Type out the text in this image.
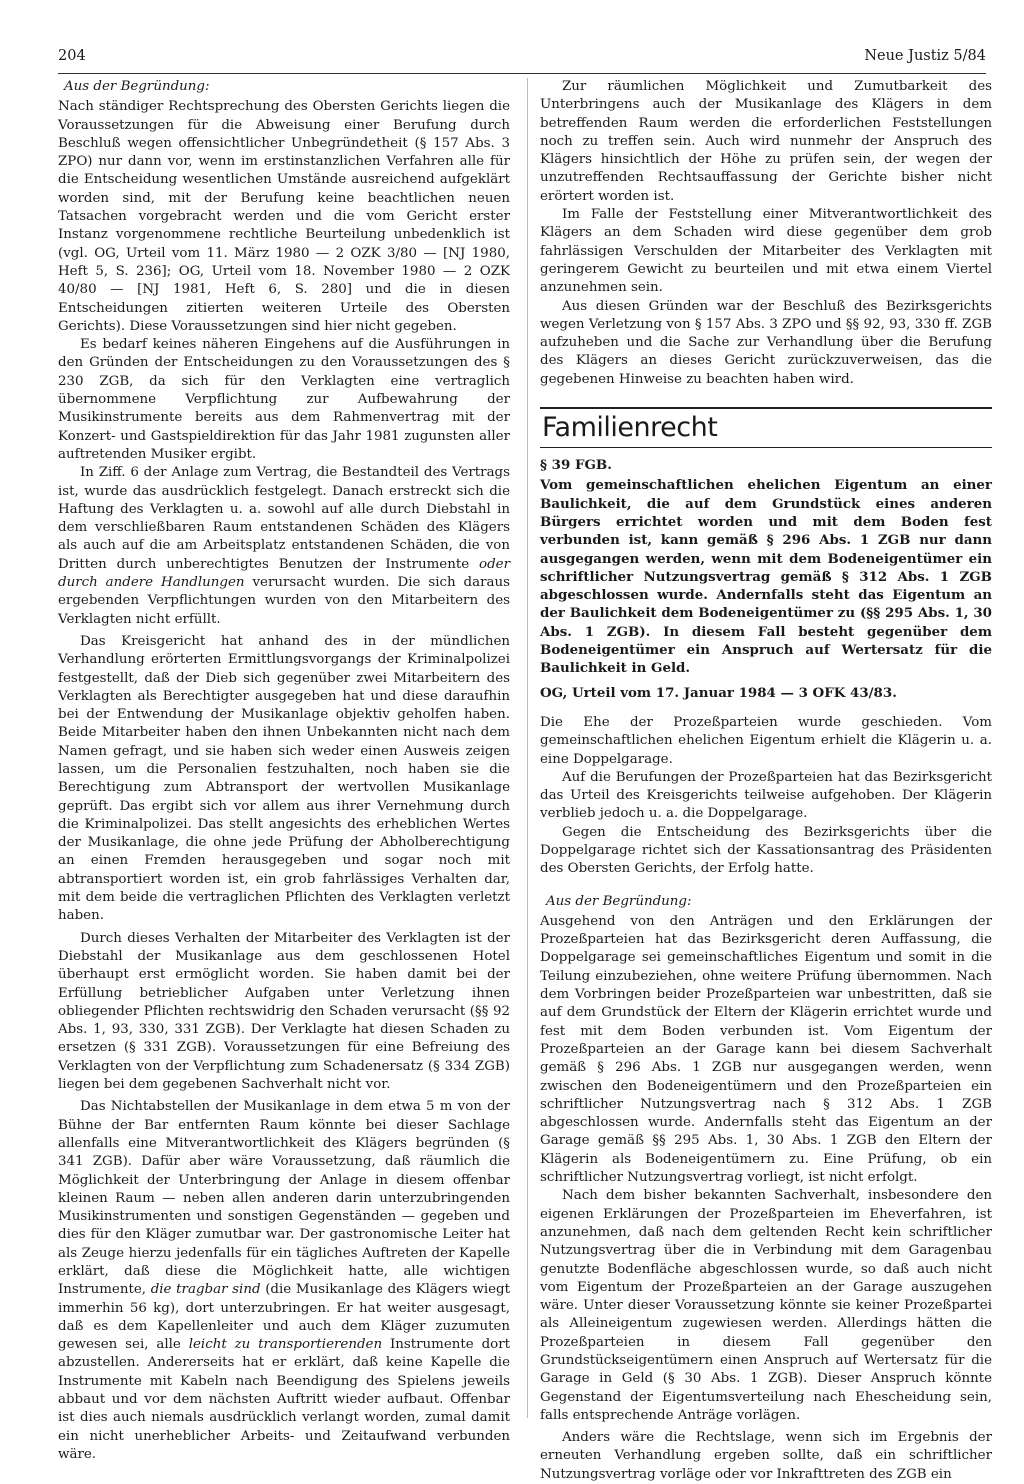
204	Neue Justiz 5/84
Aus der Begründung:

Nach ständiger Rechtsprechung des Obersten Gerichts liegen die Voraussetzungen für die Abweisung einer Berufung durch Beschluß wegen offensichtlicher Unbegründetheit (§ 157 Abs. 3 ZPO) nur dann vor, wenn im erstinstanzlichen Verfahren alle für die Entscheidung wesentlichen Umstände ausreichend aufgeklärt worden sind, mit der Berufung keine beachtlichen neuen Tatsachen vorgebracht werden und die vom Gericht erster Instanz vorgenommene rechtliche Beurteilung unbedenklich ist (vgl. OG, Urteil vom 11. März 1980 — 2 OZK 3/80 — [NJ 1980, Heft 5, S. 236]; OG, Urteil vom 18. November 1980 — 2 OZK 40/80 — [NJ 1981, Heft 6, S. 280] und die in diesen Entscheidungen zitierten weiteren Urteile des Obersten Gerichts). Diese Voraussetzungen sind hier nicht gegeben.

Es bedarf keines näheren Eingehens auf die Ausführungen in den Gründen der Entscheidungen zu den Voraussetzungen des § 230 ZGB, da sich für den Verklagten eine vertraglich übernommene Verpflichtung zur Aufbewahrung der Musikinstrumente bereits aus dem Rahmenvertrag mit der Konzert- und Gastspieldirektion für das Jahr 1981 zugunsten aller auftretenden Musiker ergibt.

In Ziff. 6 der Anlage zum Vertrag, die Bestandteil des Vertrags ist, wurde das ausdrücklich festgelegt. Danach erstreckt sich die Haftung des Verklagten u. a. sowohl auf alle durch Diebstahl in dem verschließbaren Raum entstandenen Schäden des Klägers als auch auf die am Arbeitsplatz entstandenen Schäden, die von Dritten durch unberechtigtes Benutzen der Instrumente oder durch andere Handlungen verursacht wurden. Die sich daraus ergebenden Verpflichtungen wurden von den Mitarbeitern des Verklagten nicht erfüllt.

Das Kreisgericht hat anhand des in der mündlichen Verhandlung erörterten Ermittlungsvorgangs der Kriminalpolizei festgestellt, daß der Dieb sich gegenüber zwei Mitarbeitern des Verklagten als Berechtigter ausgegeben hat und diese daraufhin bei der Entwendung der Musikanlage objektiv geholfen haben. Beide Mitarbeiter haben den ihnen Unbekannten nicht nach dem Namen gefragt, und sie haben sich weder einen Ausweis zeigen lassen, um die Personalien festzuhalten, noch haben sie die Berechtigung zum Abtransport der wertvollen Musikanlage geprüft. Das ergibt sich vor allem aus ihrer Vernehmung durch die Kriminalpolizei. Das stellt angesichts des erheblichen Wertes der Musikanlage, die ohne jede Prüfung der Abholberechtigung an einen Fremden herausgegeben und sogar noch mit abtransportiert worden ist, ein grob fahrlässiges Verhalten dar, mit dem beide die vertraglichen Pflichten des Verklagten verletzt haben.

Durch dieses Verhalten der Mitarbeiter des Verklagten ist der Diebstahl der Musikanlage aus dem geschlossenen Hotel überhaupt erst ermöglicht worden. Sie haben damit bei der Erfüllung betrieblicher Aufgaben unter Verletzung ihnen obliegender Pflichten rechtswidrig den Schaden verursacht (§§ 92 Abs. 1, 93, 330, 331 ZGB). Der Verklagte hat diesen Schaden zu ersetzen (§ 331 ZGB). Voraussetzungen für eine Befreiung des Verklagten von der Verpflichtung zum Schadenersatz (§ 334 ZGB) liegen bei dem gegebenen Sachverhalt nicht vor.

Das Nichtabstellen der Musikanlage in dem etwa 5 m von der Bühne der Bar entfernten Raum könnte bei dieser Sachlage allenfalls eine Mitverantwortlichkeit des Klägers begründen (§ 341 ZGB). Dafür aber wäre Voraussetzung, daß räumlich die Möglichkeit der Unterbringung der Anlage in diesem offenbar kleinen Raum — neben allen anderen darin unterzubringenden Musikinstrumenten und sonstigen Gegenständen — gegeben und dies für den Kläger zumutbar war. Der gastronomische Leiter hat als Zeuge hierzu jedenfalls für ein tägliches Auftreten der Kapelle erklärt, daß diese die Möglichkeit hatte, alle wichtigen Instrumente, die tragbar sind (die Musikanlage des Klägers wiegt immerhin 56 kg), dort unterzubringen. Er hat weiter ausgesagt, daß es dem Kapellenleiter und auch dem Kläger zuzumuten gewesen sei, alle leicht zu transportierenden Instrumente dort abzustellen. Andererseits hat er erklärt, daß keine Kapelle die Instrumente mit Kabeln nach Beendigung des Spielens jeweils abbaut und vor dem nächsten Auftritt wieder aufbaut. Offenbar ist dies auch niemals ausdrücklich verlangt worden, zumal damit ein nicht unerheblicher Arbeits- und Zeitaufwand verbunden wäre.

Zur räumlichen Möglichkeit und Zumutbarkeit des Unterbringens auch der Musikanlage des Klägers in dem betreffenden Raum werden die erforderlichen Feststellungen noch zu treffen sein. Auch wird nunmehr der Anspruch des Klägers hinsichtlich der Höhe zu prüfen sein, der wegen der unzutreffenden Rechtsauffassung der Gerichte bisher nicht erörtert worden ist.

Im Falle der Feststellung einer Mitverantwortlichkeit des Klägers an dem Schaden wird diese gegenüber dem grob fahrlässigen Verschulden der Mitarbeiter des Verklagten mit geringerem Gewicht zu beurteilen und mit etwa einem Viertel anzunehmen sein.

Aus diesen Gründen war der Beschluß des Bezirksgerichts wegen Verletzung von § 157 Abs. 3 ZPO und §§ 92, 93, 330 ff. ZGB aufzuheben und die Sache zur Verhandlung über die Berufung des Klägers an dieses Gericht zurückzuverweisen, das die gegebenen Hinweise zu beachten haben wird.

Familienrecht

§ 39 FGB.

Vom gemeinschaftlichen ehelichen Eigentum an einer Baulichkeit, die auf dem Grundstück eines anderen Bürgers errichtet worden und mit dem Boden fest verbunden ist, kann gemäß § 296 Abs. 1 ZGB nur dann ausgegangen werden, wenn mit dem Bodeneigentümer ein schriftlicher Nutzungsvertrag gemäß § 312 Abs. 1 ZGB abgeschlossen wurde. Andernfalls steht das Eigentum an der Baulichkeit dem Bodeneigentümer zu (§§ 295 Abs. 1, 30 Abs. 1 ZGB). In diesem Fall besteht gegenüber dem Bodeneigentümer ein Anspruch auf Wertersatz für die Baulichkeit in Geld.

OG, Urteil vom 17. Januar 1984 — 3 OFK 43/83.

Die Ehe der Prozeßparteien wurde geschieden. Vom gemeinschaftlichen ehelichen Eigentum erhielt die Klägerin u. a. eine Doppelgarage.

Auf die Berufungen der Prozeßparteien hat das Bezirksgericht das Urteil des Kreisgerichts teilweise aufgehoben. Der Klägerin verblieb jedoch u. a. die Doppelgarage.

Gegen die Entscheidung des Bezirksgerichts über die Doppelgarage richtet sich der Kassationsantrag des Präsidenten des Obersten Gerichts, der Erfolg hatte.

Aus der Begründung:

Ausgehend von den Anträgen und den Erklärungen der Prozeßparteien hat das Bezirksgericht deren Auffassung, die Doppelgarage sei gemeinschaftliches Eigentum und somit in die Teilung einzubeziehen, ohne weitere Prüfung übernommen. Nach dem Vorbringen beider Prozeßparteien war unbestritten, daß sie auf dem Grundstück der Eltern der Klägerin errichtet wurde und fest mit dem Boden verbunden ist. Vom Eigentum der Prozeßparteien an der Garage kann bei diesem Sachverhalt gemäß § 296 Abs. 1 ZGB nur ausgegangen werden, wenn zwischen den Bodeneigentümern und den Prozeßparteien ein schriftlicher Nutzungsvertrag nach § 312 Abs. 1 ZGB abgeschlossen wurde. Andernfalls steht das Eigentum an der Garage gemäß §§ 295 Abs. 1, 30 Abs. 1 ZGB den Eltern der Klägerin als Bodeneigentümern zu. Eine Prüfung, ob ein schriftlicher Nutzungsvertrag vorliegt, ist nicht erfolgt.

Nach dem bisher bekannten Sachverhalt, insbesondere den eigenen Erklärungen der Prozeßparteien im Eheverfahren, ist anzunehmen, daß nach dem geltenden Recht kein schriftlicher Nutzungsvertrag über die in Verbindung mit dem Garagenbau genutzte Bodenfläche abgeschlossen wurde, so daß auch nicht vom Eigentum der Prozeßparteien an der Garage auszugehen wäre. Unter dieser Voraussetzung könnte sie keiner Prozeßpartei als Alleineigentum zugewiesen werden. Allerdings hätten die Prozeßparteien in diesem Fall gegenüber den Grundstückseigentümern einen Anspruch auf Wertersatz für die Garage in Geld (§ 30 Abs. 1 ZGB). Dieser Anspruch könnte Gegenstand der Eigentumsverteilung nach Ehescheidung sein, falls entsprechende Anträge vorlägen.

Anders wäre die Rechtslage, wenn sich im Ergebnis der erneuten Verhandlung ergeben sollte, daß ein schriftlicher Nutzungsvertrag vorläge oder vor Inkrafttreten des ZGB ein
